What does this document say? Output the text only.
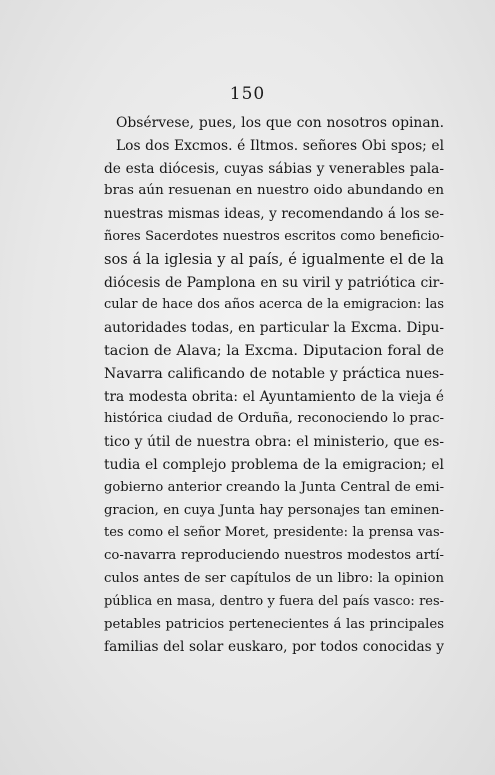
150
Obsérvese, pues, los que con nosotros opinan.
Los dos Excmos. é Iltmos. señores Obi spos; el
de esta diócesis, cuyas sábias y venerables pala-
bras aún resuenan en nuestro oido abundando en
nuestras mismas ideas, y recomendando á los se-
ñores Sacerdotes nuestros escritos como beneficio-
sos á la iglesia y al país, é igualmente el de la
diócesis de Pamplona en su viril y patriótica cir-
cular de hace dos años acerca de la emigracion: las
autoridades todas, en particular la Excma. Dipu-
tacion de Alava; la Excma. Diputacion foral de
Navarra calificando de notable y práctica nues-
tra modesta obrita: el Ayuntamiento de la vieja é
histórica ciudad de Orduña, reconociendo lo prac-
tico y útil de nuestra obra: el ministerio, que es-
tudia el complejo problema de la emigracion; el
gobierno anterior creando la Junta Central de emi-
gracion, en cuya Junta hay personajes tan eminen-
tes como el señor Moret, presidente: la prensa vas-
co-navarra reproduciendo nuestros modestos artí-
culos antes de ser capítulos de un libro: la opinion
pública en masa, dentro y fuera del país vasco: res-
petables patricios pertenecientes á las principales
familias del solar euskaro, por todos conocidas y
